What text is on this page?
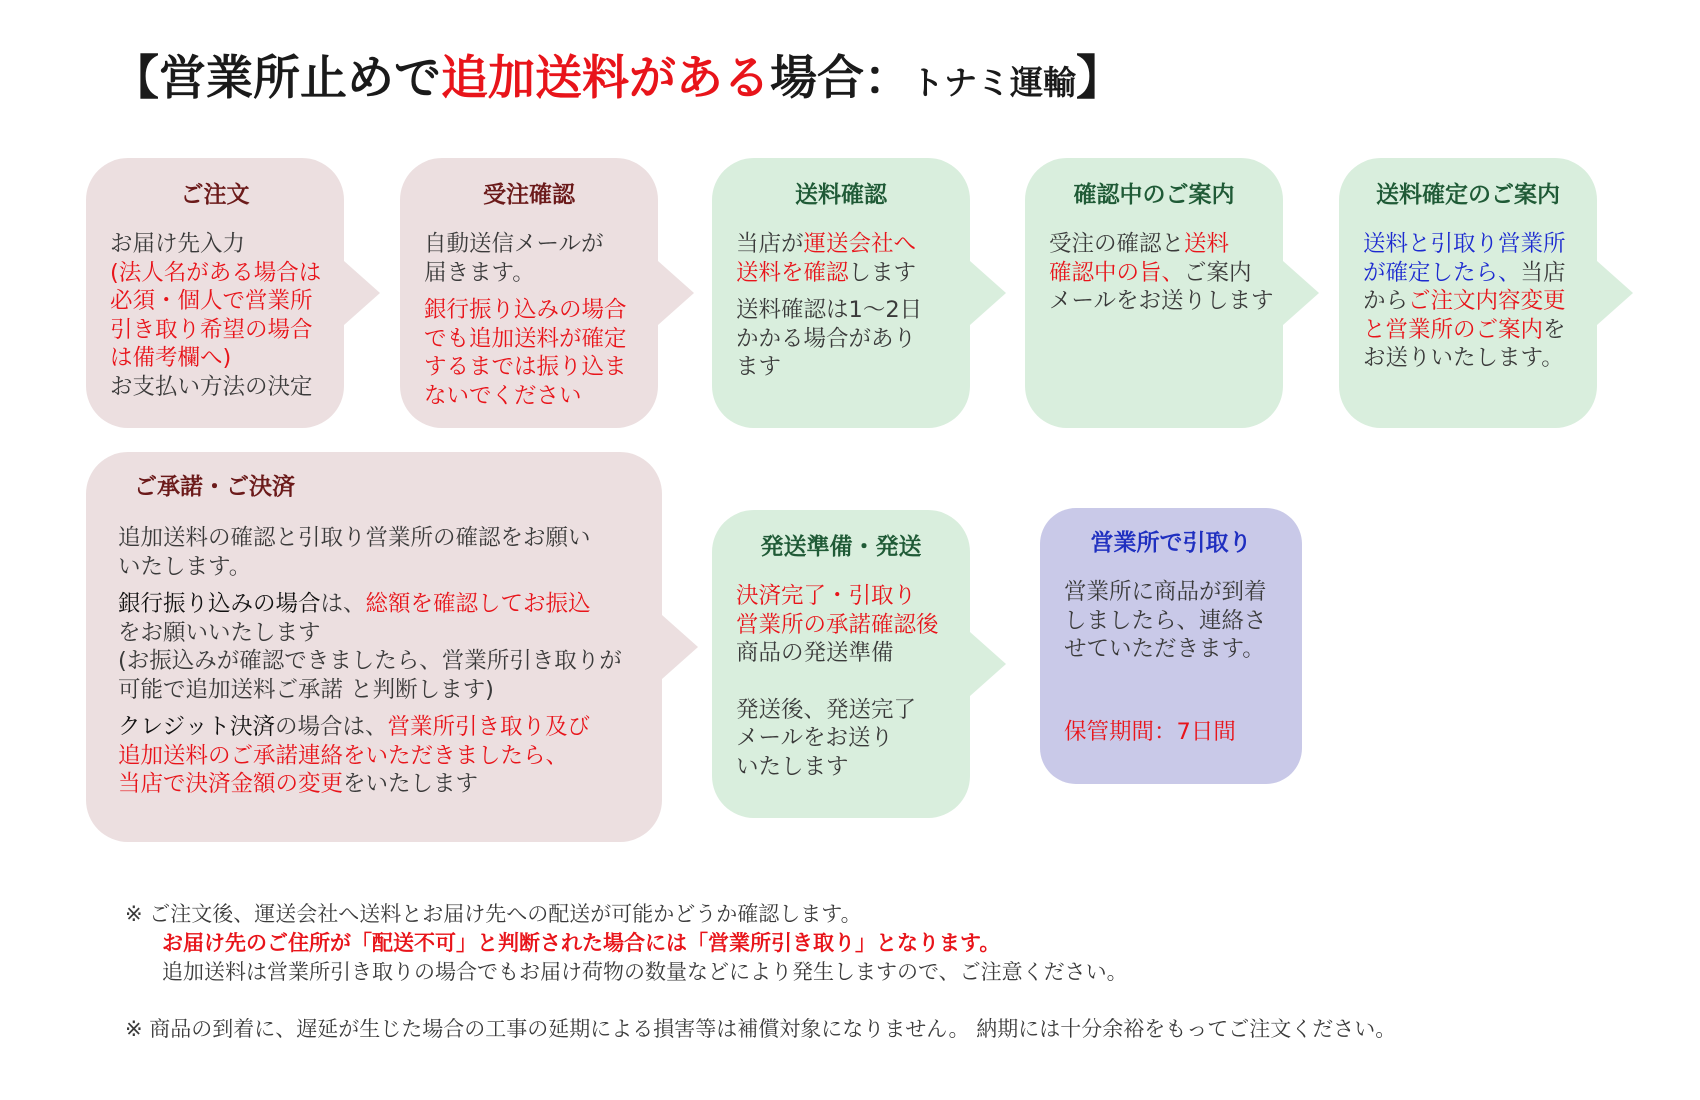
【営業所止めで追加送料がある場合：トナミ運輸】
ご注文

お届け先入力

(法人名がある場合は

必須・個人で営業所

引き取り希望の場合

は備考欄へ)

お支払い方法の決定

受注確認

自動送信メールが

届きます。

銀行振り込みの場合

でも追加送料が確定

するまでは振り込ま

ないでください

送料確認

当店が運送会社へ

送料を確認します

送料確認は1〜2日

かかる場合があり

ます

確認中のご案内

受注の確認と送料

確認中の旨、ご案内

メールをお送りします

送料確定のご案内

送料と引取り営業所

が確定したら、当店

からご注文内容変更

と営業所のご案内を

お送りいたします。

ご承諾・ご決済

追加送料の確認と引取り営業所の確認をお願い

いたします。

銀行振り込みの場合は、総額を確認してお振込

をお願いいたします

(お振込みが確認できましたら、営業所引き取りが

可能で追加送料ご承諾 と判断します)

クレジット決済の場合は、営業所引き取り及び

追加送料のご承諾連絡をいただきましたら、

当店で決済金額の変更をいたします

発送準備・発送

決済完了・引取り

営業所の承諾確認後

商品の発送準備

発送後、発送完了

メールをお送り

いたします

営業所で引取り

営業所に商品が到着

しましたら、連絡さ

せていただきます。

保管期間：7日間

※ ご注文後、運送会社へ送料とお届け先への配送が可能かどうか確認します。
お届け先のご住所が「配送不可」と判断された場合には「営業所引き取り」となります。
追加送料は営業所引き取りの場合でもお届け荷物の数量などにより発生しますので、ご注意ください。
※ 商品の到着に、遅延が生じた場合の工事の延期による損害等は補償対象になりません。 納期には十分余裕をもってご注文ください。
